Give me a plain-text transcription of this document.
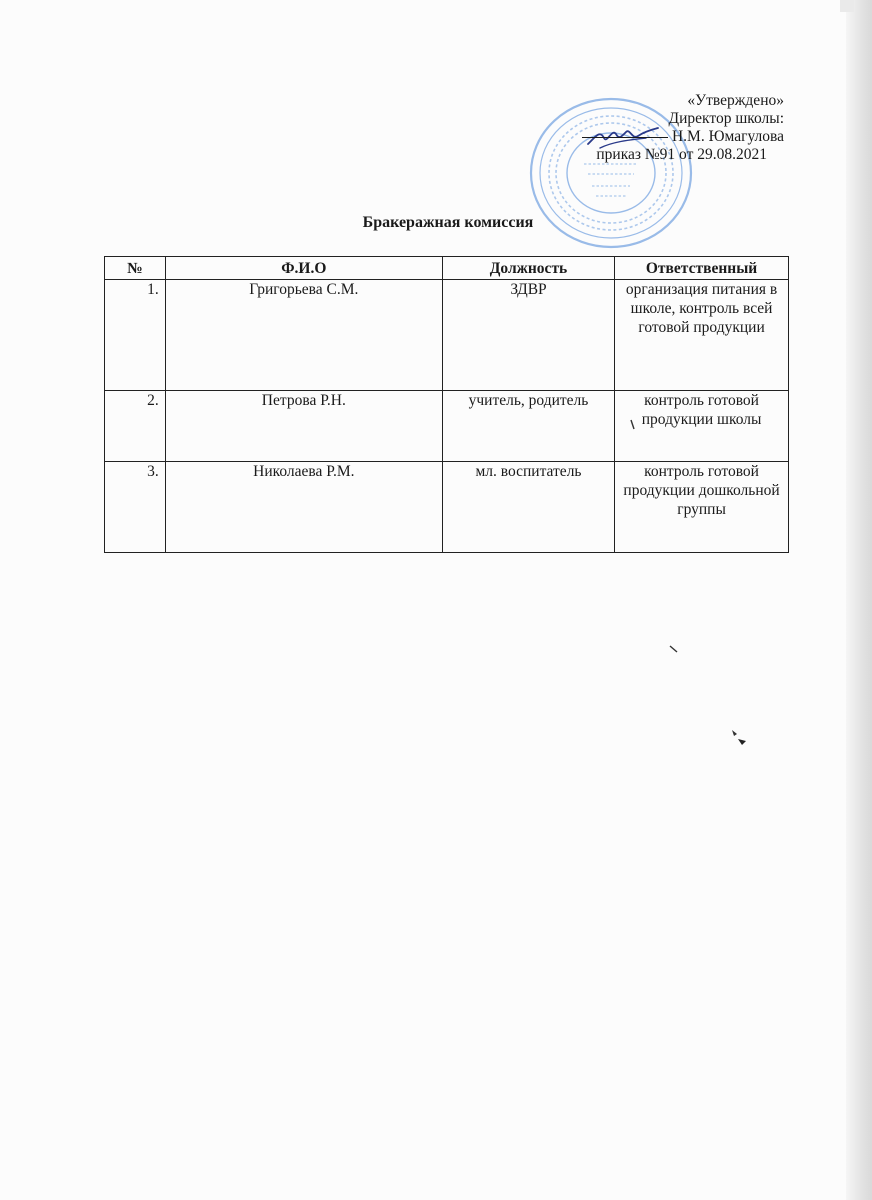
«Утверждено»
Директор школы:
Н.М. Юмагулова
приказ №91 от 29.08.2021
Бракеражная комиссия
№	Ф.И.О	Должность	Ответственный
1.	Григорьева С.М.	ЗДВР	организация питания в школе, контроль всей готовой продукции
2.	Петрова Р.Н.	учитель, родитель	контроль готовой продукции школы
3.	Николаева Р.М.	мл. воспитатель	контроль готовой продукции дошкольной группы
